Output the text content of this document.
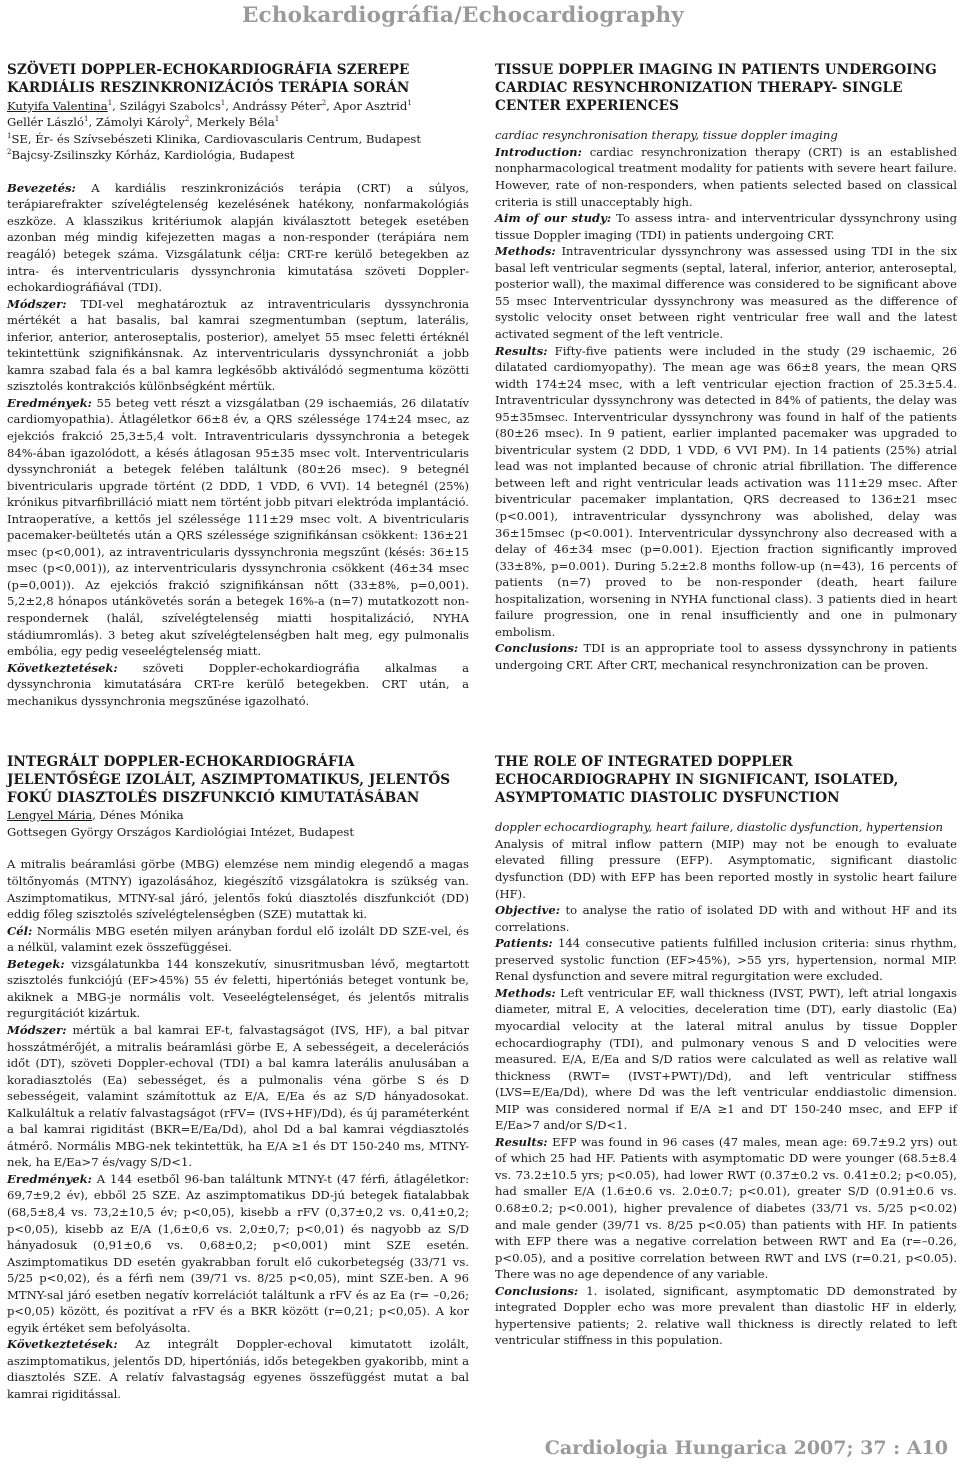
Echokardiográfia/Echocardiography

SZÖVETI DOPPLER-ECHOKARDIOGRÁFIA SZEREPE KARDIÁLIS RESZINKRONIZÁCIÓS TERÁPIA SORÁN

Kutyifa Valentina$^1$, Szilágyi Szabolcs$^1$, Andrássy Péter$^2$, Apor Asztrid$^1$
Gellér László$^1$, Zámolyi Károly$^2$, Merkely Béla$^1$

$^1$SE, Ér- és Szívsebészeti Klinika, Cardiovascularis Centrum, Budapest

$^2$Bajcsy-Zsilinszky Kórház, Kardiológia, Budapest

Bevezetés: A kardiális reszinkronizációs terápia (CRT) a súlyos, terápiarefrakter szívelégtelenség kezelésének hatékony, nonfarmakológiás eszköze. A klasszikus kritériumok alapján kiválasztott betegek esetében azonban még mindig kifejezetten magas a non-responder (terápiára nem reagáló) betegek száma. Vizsgálatunk célja: CRT-re kerülő betegekben az intra- és interventricularis dyssynchronia kimutatása szöveti Doppler-echokardiográfiával (TDI).

Módszer: TDI-vel meghatároztuk az intraventricularis dyssynchronia mértékét a hat basalis, bal kamrai szegmentumban (septum, laterális, inferior, anterior, anteroseptalis, posterior), amelyet 55 msec feletti értéknél tekintettünk szignifikánsnak. Az interventricularis dyssynchroniát a jobb kamra szabad fala és a bal kamra legkésőbb aktiválódó segmentuma közötti szisztolés kontrakciós különbségként mértük.

Eredmények: 55 beteg vett részt a vizsgálatban (29 ischaemiás, 26 dilatatív cardiomyopathia). Átlagéletkor 66±8 év, a QRS szélessége 174±24 msec, az ejekciós frakció 25,3±5,4 volt. Intraventricularis dyssynchronia a betegek 84%-ában igazolódott, a késés átlagosan 95±35 msec volt. Interventricularis dyssynchroniát a betegek felében találtunk (80±26 msec). 9 betegnél biventricularis upgrade történt (2 DDD, 1 VDD, 6 VVI). 14 betegnél (25%) krónikus pitvarfibrilláció miatt nem történt jobb pitvari elektróda implantáció. Intraoperatíve, a kettős jel szélessége 111±29 msec volt. A biventricularis pacemaker-beültetés után a QRS szélessége szignifikánsan csökkent: 136±21 msec (p<0,001), az intraventricularis dyssynchronia megszűnt (késés: 36±15 msec (p<0,001)), az interventricularis dyssynchronia csökkent (46±34 msec (p=0,001)). Az ejekciós frakció szignifikánsan nőtt (33±8%, p=0,001). 5,2±2,8 hónapos utánkövetés során a betegek 16%-a (n=7) mutatkozott non-respondernek (halál, szívelégtelenség miatti hospitalizáció, NYHA stádiumromlás). 3 beteg akut szívelégtelenségben halt meg, egy pulmonalis embólia, egy pedig veseelégtelenség miatt.

Következtetések: szöveti Doppler-echokardiográfia alkalmas a dyssynchronia kimutatására CRT-re kerülő betegekben. CRT után, a mechanikus dyssynchronia megszűnése igazolható.

TISSUE DOPPLER IMAGING IN PATIENTS UNDERGOING CARDIAC RESYNCHRONIZATION THERAPY- SINGLE CENTER EXPERIENCES

cardiac resynchronisation therapy, tissue doppler imaging

Introduction: cardiac resynchronization therapy (CRT) is an established nonpharmacological treatment modality for patients with severe heart failure. However, rate of non-responders, when patients selected based on classical criteria is still unacceptably high.

Aim of our study: To assess intra- and interventricular dyssynchrony using tissue Doppler imaging (TDI) in patients undergoing CRT.

Methods: Intraventricular dyssynchrony was assessed using TDI in the six basal left ventricular segments (septal, lateral, inferior, anterior, anteroseptal, posterior wall), the maximal difference was considered to be significant above 55 msec Interventricular dyssynchrony was measured as the difference of systolic velocity onset between right ventricular free wall and the latest activated segment of the left ventricle.

Results: Fifty-five patients were included in the study (29 ischaemic, 26 dilatated cardiomyopathy). The mean age was 66±8 years, the mean QRS width 174±24 msec, with a left ventricular ejection fraction of 25.3±5.4. Intraventricular dyssynchrony was detected in 84% of patients, the delay was 95±35msec. Interventricular dyssynchrony was found in half of the patients (80±26 msec). In 9 patient, earlier implanted pacemaker was upgraded to biventricular system (2 DDD, 1 VDD, 6 VVI PM). In 14 patients (25%) atrial lead was not implanted because of chronic atrial fibrillation. The difference between left and right ventricular leads activation was 111±29 msec. After biventricular pacemaker implantation, QRS decreased to 136±21 msec (p<0.001), intraventricular dyssynchrony was abolished, delay was 36±15msec (p<0.001). Interventricular dyssynchrony also decreased with a delay of 46±34 msec (p=0.001). Ejection fraction significantly improved (33±8%, p=0.001). During 5.2±2.8 months follow-up (n=43), 16 percents of patients (n=7) proved to be non-responder (death, heart failure hospitalization, worsening in NYHA functional class). 3 patients died in heart failure progression, one in renal insufficiently and one in pulmonary embolism.

Conclusions: TDI is an appropriate tool to assess dyssynchrony in patients undergoing CRT. After CRT, mechanical resynchronization can be proven.

INTEGRÁLT DOPPLER-ECHOKARDIOGRÁFIA JELENTŐSÉGE IZOLÁLT, ASZIMPTOMATIKUS, JELENTŐS FOKÚ DIASZTOLÉS DISZFUNKCIÓ KIMUTATÁSÁBAN

Lengyel Mária, Dénes Mónika

Gottsegen György Országos Kardiológiai Intézet, Budapest

A mitralis beáramlási görbe (MBG) elemzése nem mindig elegendő a magas töltőnyomás (MTNY) igazolásához, kiegészítő vizsgálatokra is szükség van. Aszimptomatikus, MTNY-sal járó, jelentős fokú diasztolés diszfunkciót (DD) eddig főleg szisztolés szívelégtelenségben (SZE) mutattak ki.

Cél: Normális MBG esetén milyen arányban fordul elő izolált DD SZE-vel, és a nélkül, valamint ezek összefüggései.

Betegek: vizsgálatunkba 144 konszekutív, sinusritmusban lévő, megtartott szisztolés funkciójú (EF>45%) 55 év feletti, hipertóniás beteget vontunk be, akiknek a MBG-je normális volt. Veseelégtelenséget, és jelentős mitralis regurgitációt kizártuk.

Módszer: mértük a bal kamrai EF-t, falvastagságot (IVS, HF), a bal pitvar hosszátmérőjét, a mitralis beáramlási görbe E, A sebességeit, a decelerációs időt (DT), szöveti Doppler-echoval (TDI) a bal kamra laterális anulusában a koradiasztolés (Ea) sebességet, és a pulmonalis véna görbe S és D sebességeit, valamint számítottuk az E/A, E/Ea és az S/D hányadosokat. Kalkuláltuk a relatív falvastagságot (rFV= (IVS+HF)/Dd), és új paraméterként a bal kamrai rigiditást (BKR=E/Ea/Dd), ahol Dd a bal kamrai végdiasztolés átmérő. Normális MBG-nek tekintettük, ha E/A ≥1 és DT 150-240 ms, MTNY-nek, ha E/Ea>7 és/vagy S/D<1.

Eredmények: A 144 esetből 96-ban találtunk MTNY-t (47 férfi, átlagéletkor: 69,7±9,2 év), ebből 25 SZE. Az aszimptomatikus DD-jú betegek fiatalabbak (68,5±8,4 vs. 73,2±10,5 év; p<0,05), kisebb a rFV (0,37±0,2 vs. 0,41±0,2; p<0,05), kisebb az E/A (1,6±0,6 vs. 2,0±0,7; p<0,01) és nagyobb az S/D hányadosuk (0,91±0,6 vs. 0,68±0,2; p<0,001) mint SZE esetén. Aszimptomatikus DD esetén gyakrabban forult elő cukorbetegség (33/71 vs. 5/25 p<0,02), és a férfi nem (39/71 vs. 8/25 p<0,05), mint SZE-ben. A 96 MTNY-sal járó esetben negatív korrelációt találtunk a rFV és az Ea (r= –0,26; p<0,05) között, és pozitívat a rFV és a BKR között (r=0,21; p<0,05). A kor egyik értéket sem befolyásolta.

Következtetések: Az integrált Doppler-echoval kimutatott izolált, aszimptomatikus, jelentős DD, hipertóniás, idős betegekben gyakoribb, mint a diasztolés SZE. A relatív falvastagság egyenes összefüggést mutat a bal kamrai rigiditással.

THE ROLE OF INTEGRATED DOPPLER ECHOCARDIOGRAPHY IN SIGNIFICANT, ISOLATED, ASYMPTOMATIC DIASTOLIC DYSFUNCTION

doppler echocardiography, heart failure, diastolic dysfunction, hypertension

Analysis of mitral inflow pattern (MIP) may not be enough to evaluate elevated filling pressure (EFP). Asymptomatic, significant diastolic dysfunction (DD) with EFP has been reported mostly in systolic heart failure (HF).

Objective: to analyse the ratio of isolated DD with and without HF and its correlations.

Patients: 144 consecutive patients fulfilled inclusion criteria: sinus rhythm, preserved systolic function (EF>45%), >55 yrs, hypertension, normal MIP. Renal dysfunction and severe mitral regurgitation were excluded.

Methods: Left ventricular EF, wall thickness (IVST, PWT), left atrial longaxis diameter, mitral E, A velocities, deceleration time (DT), early diastolic (Ea) myocardial velocity at the lateral mitral anulus by tissue Doppler echocardiography (TDI), and pulmonary venous S and D velocities were measured. E/A, E/Ea and S/D ratios were calculated as well as relative wall thickness (RWT= (IVST+PWT)/Dd), and left ventricular stiffness (LVS=E/Ea/Dd), where Dd was the left ventricular enddiastolic dimension. MIP was considered normal if E/A ≥1 and DT 150-240 msec, and EFP if E/Ea>7 and/or S/D<1.

Results: EFP was found in 96 cases (47 males, mean age: 69.7±9.2 yrs) out of which 25 had HF. Patients with asymptomatic DD were younger (68.5±8.4 vs. 73.2±10.5 yrs; p<0.05), had lower RWT (0.37±0.2 vs. 0.41±0.2; p<0.05), had smaller E/A (1.6±0.6 vs. 2.0±0.7; p<0.01), greater S/D (0.91±0.6 vs. 0.68±0.2; p<0.001), higher prevalence of diabetes (33/71 vs. 5/25 p<0.02) and male gender (39/71 vs. 8/25 p<0.05) than patients with HF. In patients with EFP there was a negative correlation between RWT and Ea (r=–0.26, p<0.05), and a positive correlation between RWT and LVS (r=0.21, p<0.05). There was no age dependence of any variable.

Conclusions: 1. isolated, significant, asymptomatic DD demonstrated by integrated Doppler echo was more prevalent than diastolic HF in elderly, hypertensive patients; 2. relative wall thickness is directly related to left ventricular stiffness in this population.

Cardiologia Hungarica 2007; 37 : A10
